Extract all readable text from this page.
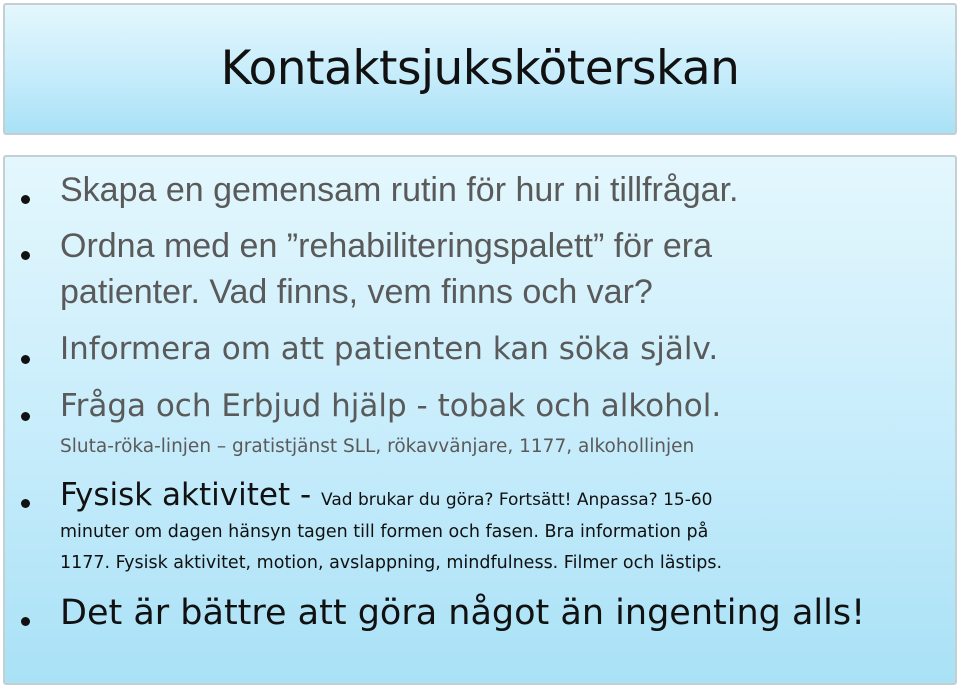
Kontaktsjuksköterskan
Skapa en gemensam rutin för hur ni tillfrågar.
Ordna med en ”rehabiliteringspalett” för era
patienter. Vad finns, vem finns och var?
Informera om att patienten kan söka själv.
Fråga och Erbjud hjälp - tobak och alkohol.
Sluta-röka-linjen – gratistjänst SLL, rökavvänjare, 1177, alkohollinjen
Fysisk aktivitet - Vad brukar du göra? Fortsätt! Anpassa? 15-60
minuter om dagen hänsyn tagen till formen och fasen. Bra information på
1177. Fysisk aktivitet, motion, avslappning, mindfulness. Filmer och lästips.
Det är bättre att göra något än ingenting alls!
